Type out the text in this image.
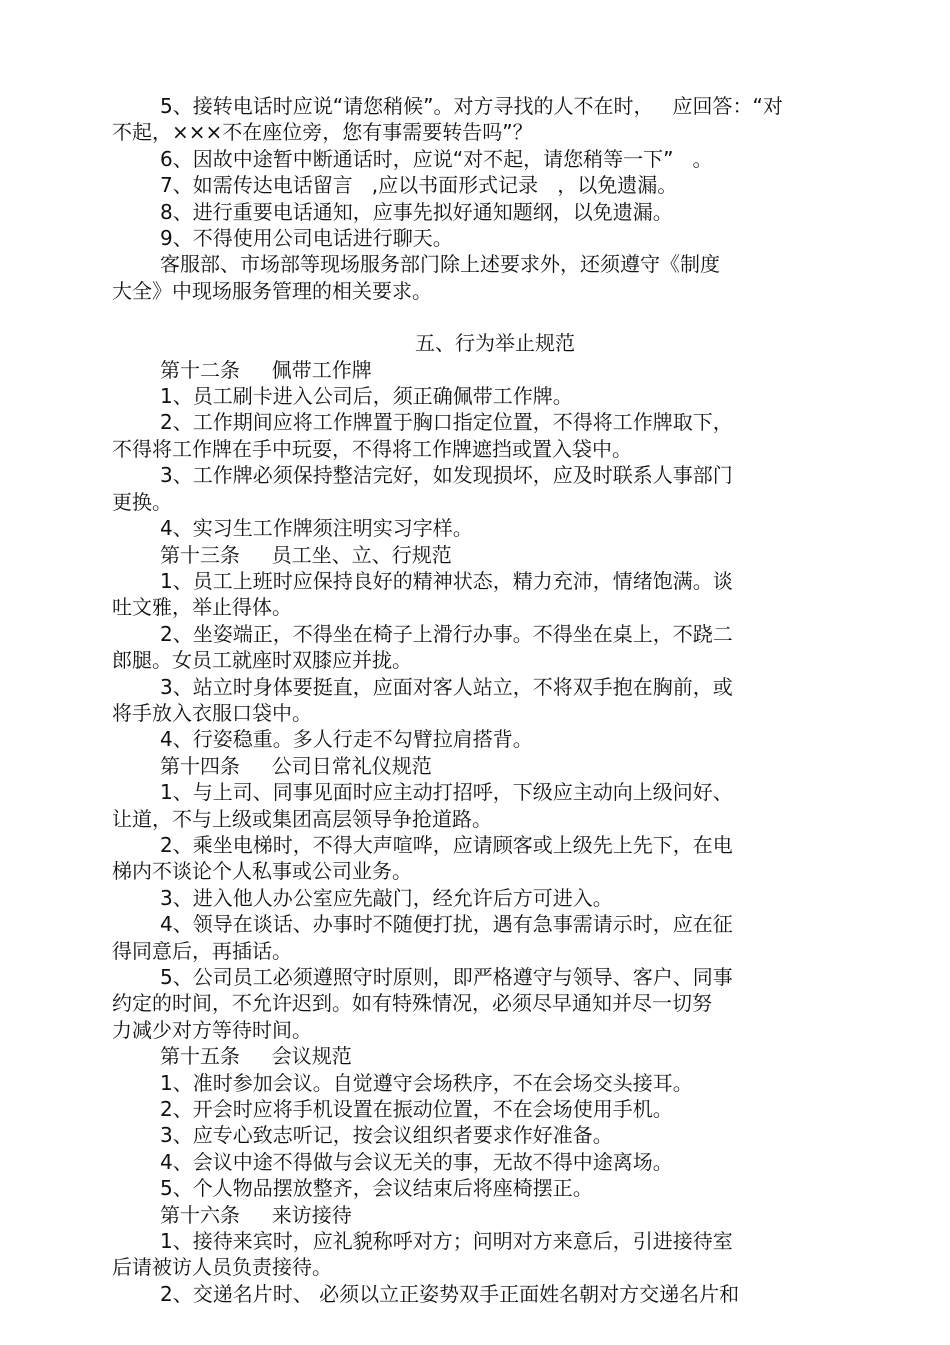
5、接转电话时应说“请您稍候”。对方寻找的人不在时，   应回答：“对

不起，×××不在座位旁，您有事需要转告吗”？

6、因故中途暂中断通话时，应说“对不起，请您稍等一下”   。

7、如需传达电话留言   ,应以书面形式记录   ，以免遗漏。

8、进行重要电话通知，应事先拟好通知题纲，以免遗漏。

9、不得使用公司电话进行聊天。

客服部、市场部等现场服务部门除上述要求外，还须遵守《制度

大全》中现场服务管理的相关要求。

五、行为举止规范

第十二条     佩带工作牌

1、员工刷卡进入公司后，须正确佩带工作牌。

2、工作期间应将工作牌置于胸口指定位置，不得将工作牌取下，

不得将工作牌在手中玩耍，不得将工作牌遮挡或置入袋中。

3、工作牌必须保持整洁完好，如发现损坏，应及时联系人事部门

更换。

4、实习生工作牌须注明实习字样。

第十三条     员工坐、立、行规范

1、员工上班时应保持良好的精神状态，精力充沛，情绪饱满。谈

吐文雅，举止得体。

2、坐姿端正，不得坐在椅子上滑行办事。不得坐在桌上，不跷二

郎腿。女员工就座时双膝应并拢。

3、站立时身体要挺直，应面对客人站立，不将双手抱在胸前，或

将手放入衣服口袋中。

4、行姿稳重。多人行走不勾臂拉肩搭背。

第十四条     公司日常礼仪规范

1、与上司、同事见面时应主动打招呼，下级应主动向上级问好、

让道，不与上级或集团高层领导争抢道路。

2、乘坐电梯时，不得大声喧哗，应请顾客或上级先上先下，在电

梯内不谈论个人私事或公司业务。

3、进入他人办公室应先敲门，经允许后方可进入。

4、领导在谈话、办事时不随便打扰，遇有急事需请示时，应在征

得同意后，再插话。

5、公司员工必须遵照守时原则，即严格遵守与领导、客户、同事

约定的时间，不允许迟到。如有特殊情况，必须尽早通知并尽一切努

力减少对方等待时间。

第十五条     会议规范

1、准时参加会议。自觉遵守会场秩序，不在会场交头接耳。

2、开会时应将手机设置在振动位置，不在会场使用手机。

3、应专心致志听记，按会议组织者要求作好准备。

4、会议中途不得做与会议无关的事，无故不得中途离场。

5、个人物品摆放整齐，会议结束后将座椅摆正。

第十六条     来访接待

1、接待来宾时，应礼貌称呼对方；问明对方来意后，引进接待室

后请被访人员负责接待。

2、交递名片时、 必须以立正姿势双手正面姓名朝对方交递名片和
